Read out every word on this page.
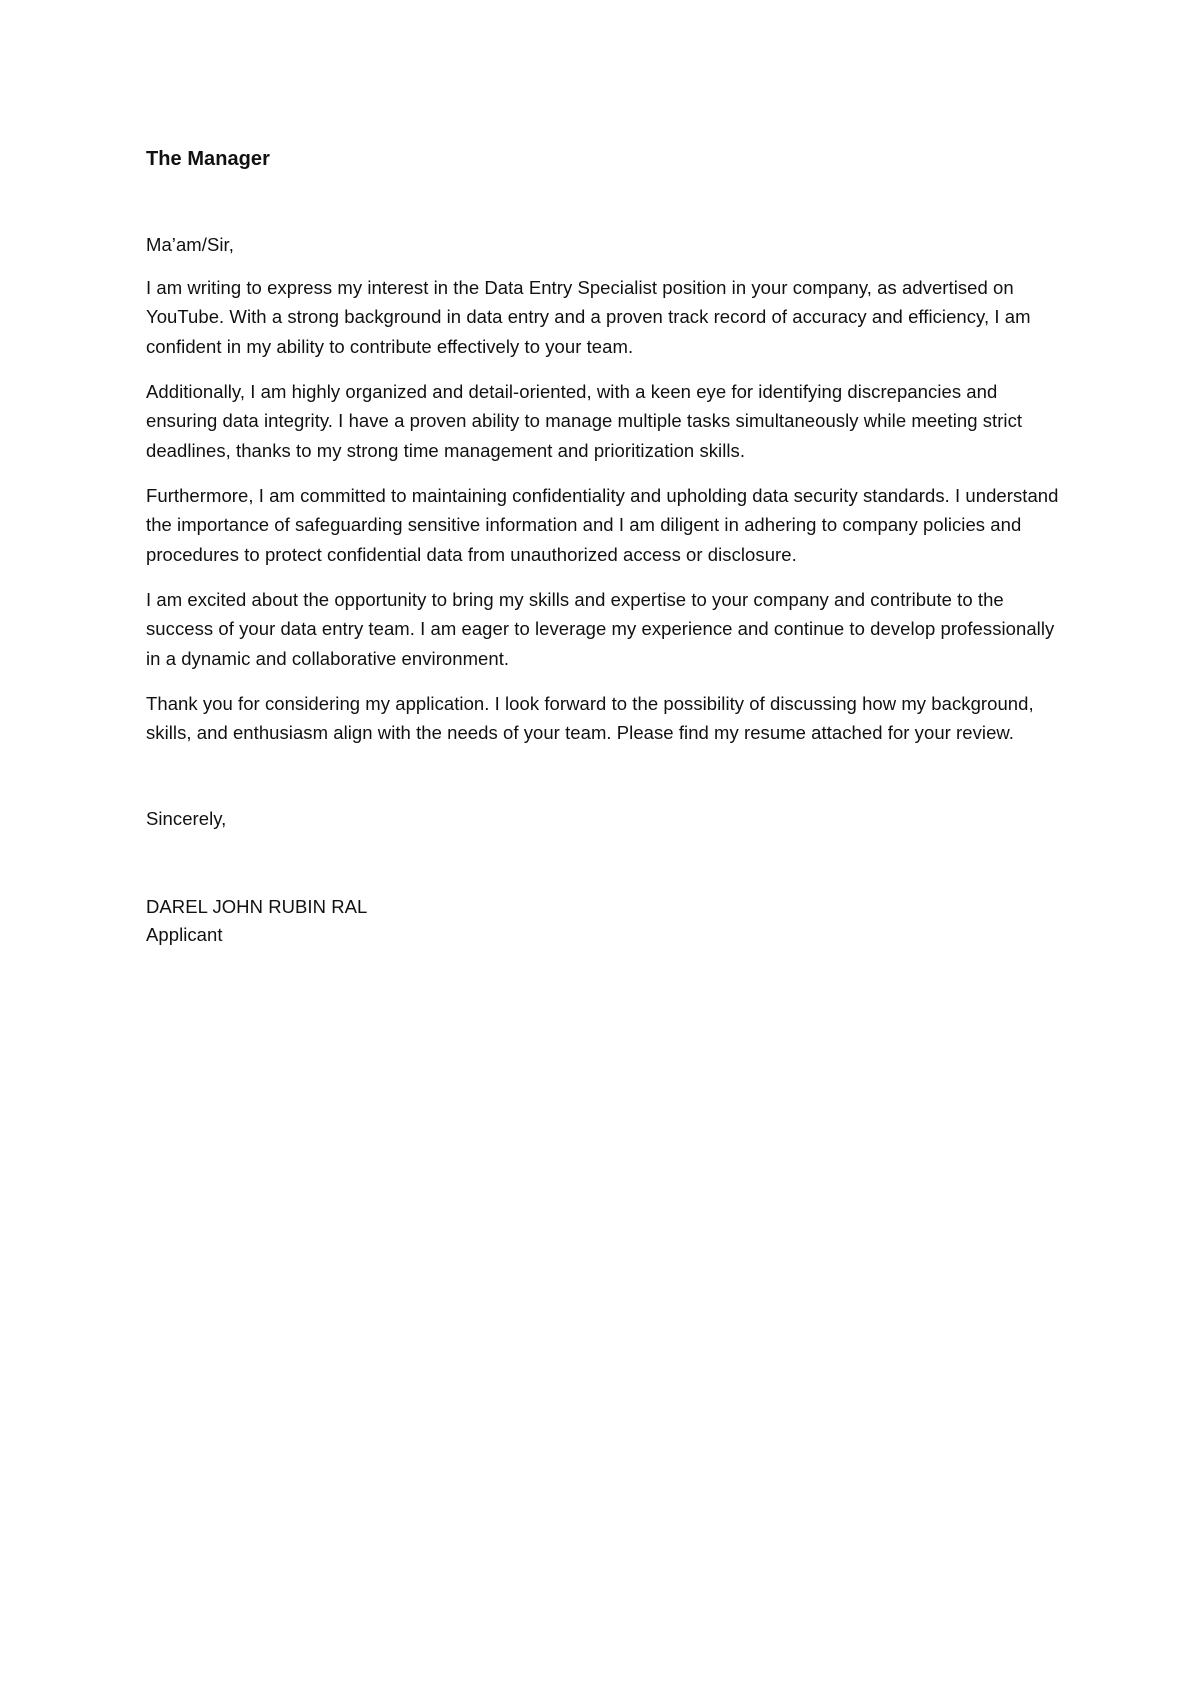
The Manager

Ma’am/Sir,

I am writing to express my interest in the Data Entry Specialist position in your company, as advertised on YouTube. With a strong background in data entry and a proven track record of accuracy and efficiency, I am confident in my ability to contribute effectively to your team.

Additionally, I am highly organized and detail-oriented, with a keen eye for identifying discrepancies and ensuring data integrity. I have a proven ability to manage multiple tasks simultaneously while meeting strict deadlines, thanks to my strong time management and prioritization skills.

Furthermore, I am committed to maintaining confidentiality and upholding data security standards. I understand the importance of safeguarding sensitive information and I am diligent in adhering to company policies and procedures to protect confidential data from unauthorized access or disclosure.

I am excited about the opportunity to bring my skills and expertise to your company and contribute to the success of your data entry team. I am eager to leverage my experience and continue to develop professionally in a dynamic and collaborative environment.

Thank you for considering my application. I look forward to the possibility of discussing how my background, skills, and enthusiasm align with the needs of your team. Please find my resume attached for your review.

Sincerely,

DAREL JOHN RUBIN RAL
Applicant
